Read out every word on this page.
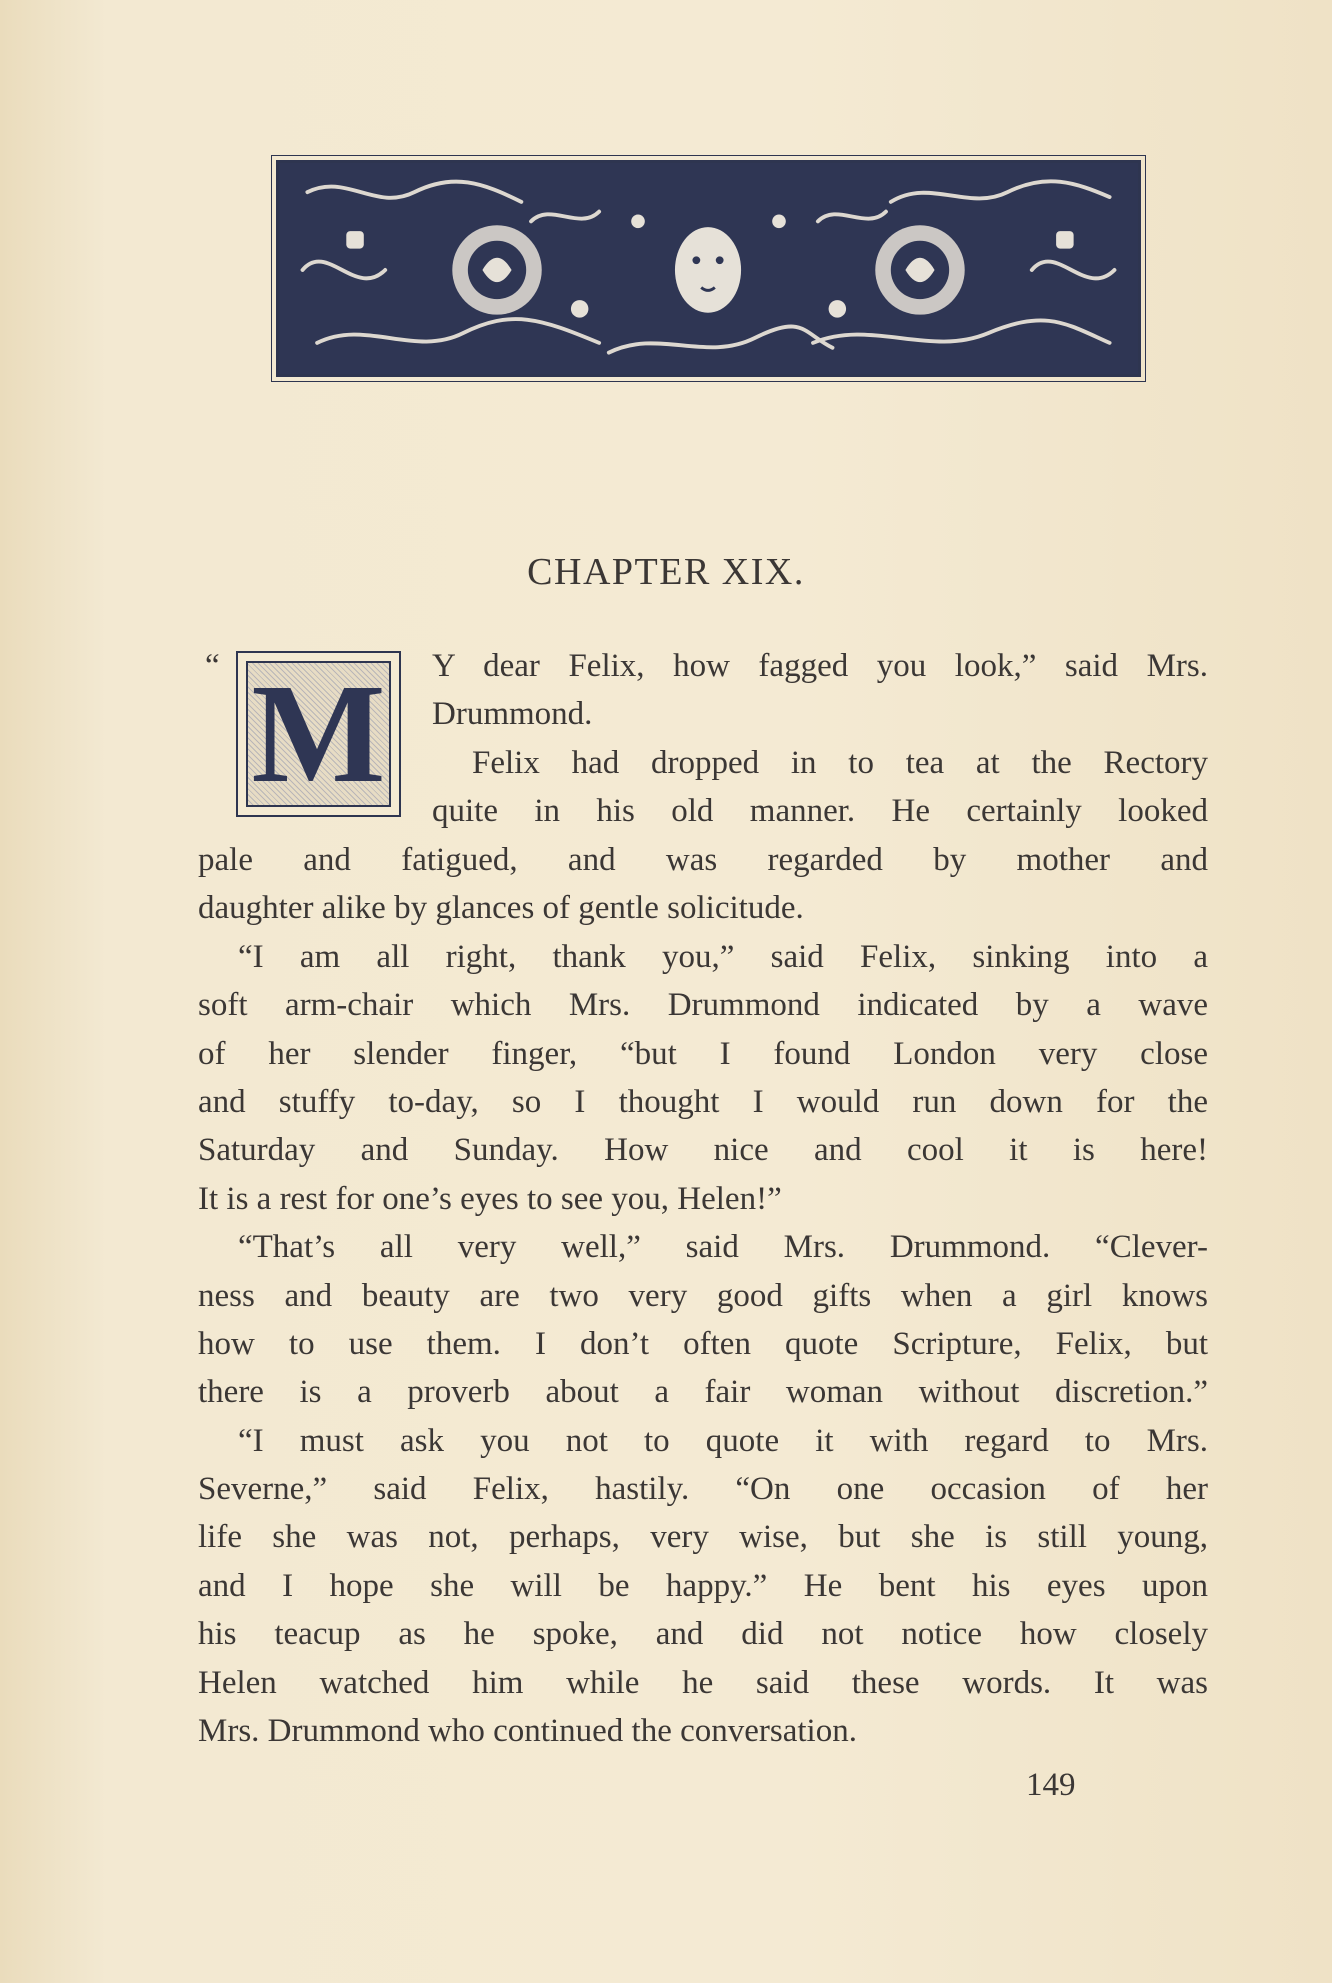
CHAPTER XIX.
“ M Y dear Felix, how fagged you look,” said Mrs.
Drummond.
Felix had dropped in to tea at the Rectory
quite in his old manner. He certainly looked
pale and fatigued, and was regarded by mother and
daughter alike by glances of gentle solicitude.
“I am all right, thank you,” said Felix, sinking into a
soft arm-chair which Mrs. Drummond indicated by a wave
of her slender finger, “but I found London very close
and stuffy to-day, so I thought I would run down for the
Saturday and Sunday. How nice and cool it is here!
It is a rest for one’s eyes to see you, Helen!”
“That’s all very well,” said Mrs. Drummond. “Clever-
ness and beauty are two very good gifts when a girl knows
how to use them. I don’t often quote Scripture, Felix, but
there is a proverb about a fair woman without discretion.”
“I must ask you not to quote it with regard to Mrs.
Severne,” said Felix, hastily. “On one occasion of her
life she was not, perhaps, very wise, but she is still young,
and I hope she will be happy.” He bent his eyes upon
his teacup as he spoke, and did not notice how closely
Helen watched him while he said these words. It was
Mrs. Drummond who continued the conversation.
149
